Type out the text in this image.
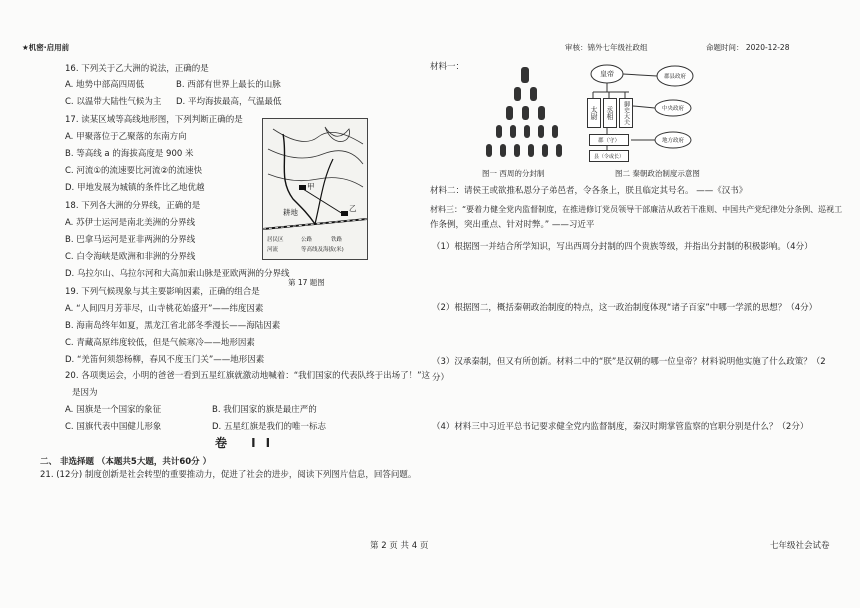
★机密·启用前	审核：锦外七年级社政组	命题时间： 2020-12-28
16. 下列关于乙大洲的说法，正确的是
A. 地势中部高四周低	B. 西部有世界上最长的山脉
C. 以温带大陆性气候为主 D. 平均海拔最高，气温最低
17. 读某区域等高线地形图，下列判断正确的是
A. 甲聚落位于乙聚落的东南方向
B. 等高线 a 的海拔高度是 900 米
C. 河流①的流速要比河流②的流速快
D. 甲地发展为城镇的条件比乙地优越	甲
乙
耕地
居民区
河流
公路	铁路
等高线及海拔(米)
第 17 题图
18. 下列各大洲的分界线，正确的是
A. 苏伊士运河是南北美洲的分界线
B. 巴拿马运河是亚非两洲的分界线
C. 白令海峡是欧洲和非洲的分界线
D. 乌拉尔山、乌拉尔河和大高加索山脉是亚欧两洲的分界线
19. 下列气候现象与其主要影响因素，正确的组合是
A. “人间四月芳菲尽，山寺桃花始盛开”——纬度因素
B. 海南岛终年如夏，黑龙江省北部冬季漫长——海陆因素
C. 青藏高原纬度较低，但是气候寒冷——地形因素
D. “羌笛何须怨杨柳，春风不度玉门关”——地形因素
20. 各项奥运会，小明的爸爸一看到五星红旗就激动地喊着：“我们国家的代表队终于出场了！”这
是因为
A. 国旗是一个国家的象征	B. 我们国家的旗是最庄严的
C. 国旗代表中国健儿形象	D. 五星红旗是我们的唯一标志
卷 II
二、 非选择题 （本题共5大题，共计60分 ）
21. (12分) 制度创新是社会转型的重要推动力，促进了社会的进步，阅读下列图片信息，回答问题。
材料一：
图一 西周的分封制
皇帝	郡县政府
太尉	丞相	御史大夫	中央政府
地方政府
郡（守）
县（令或长）
图二 秦朝政治制度示意图
材料二：请侯王或欲推私恩分子弟邑者，令各条上，朕且临定其号名。 ——《汉书》
材料三：“要着力健全党内监督制度，在推进修订党员领导干部廉洁从政若干准则、中国共产党纪律处分条例、巡视工
作条例，突出重点、针对时弊。” ——习近平
（1）根据图一并结合所学知识，写出西周分封制的四个贵族等级，并指出分封制的积极影响。（4分）
（2）根据图二，概括秦朝政治制度的特点，这一政治制度体现“诸子百家”中哪一学派的思想？（4分）
（3）汉承秦制，但又有所创新。材料二中的“朕”是汉朝的哪一位皇帝？材料说明他实施了什么政策？（2
分）
（4）材料三中习近平总书记要求健全党内监督制度，秦汉时期掌管监察的官职分别是什么？（2分）
第 2 页 共 4 页	七年级社会试卷
